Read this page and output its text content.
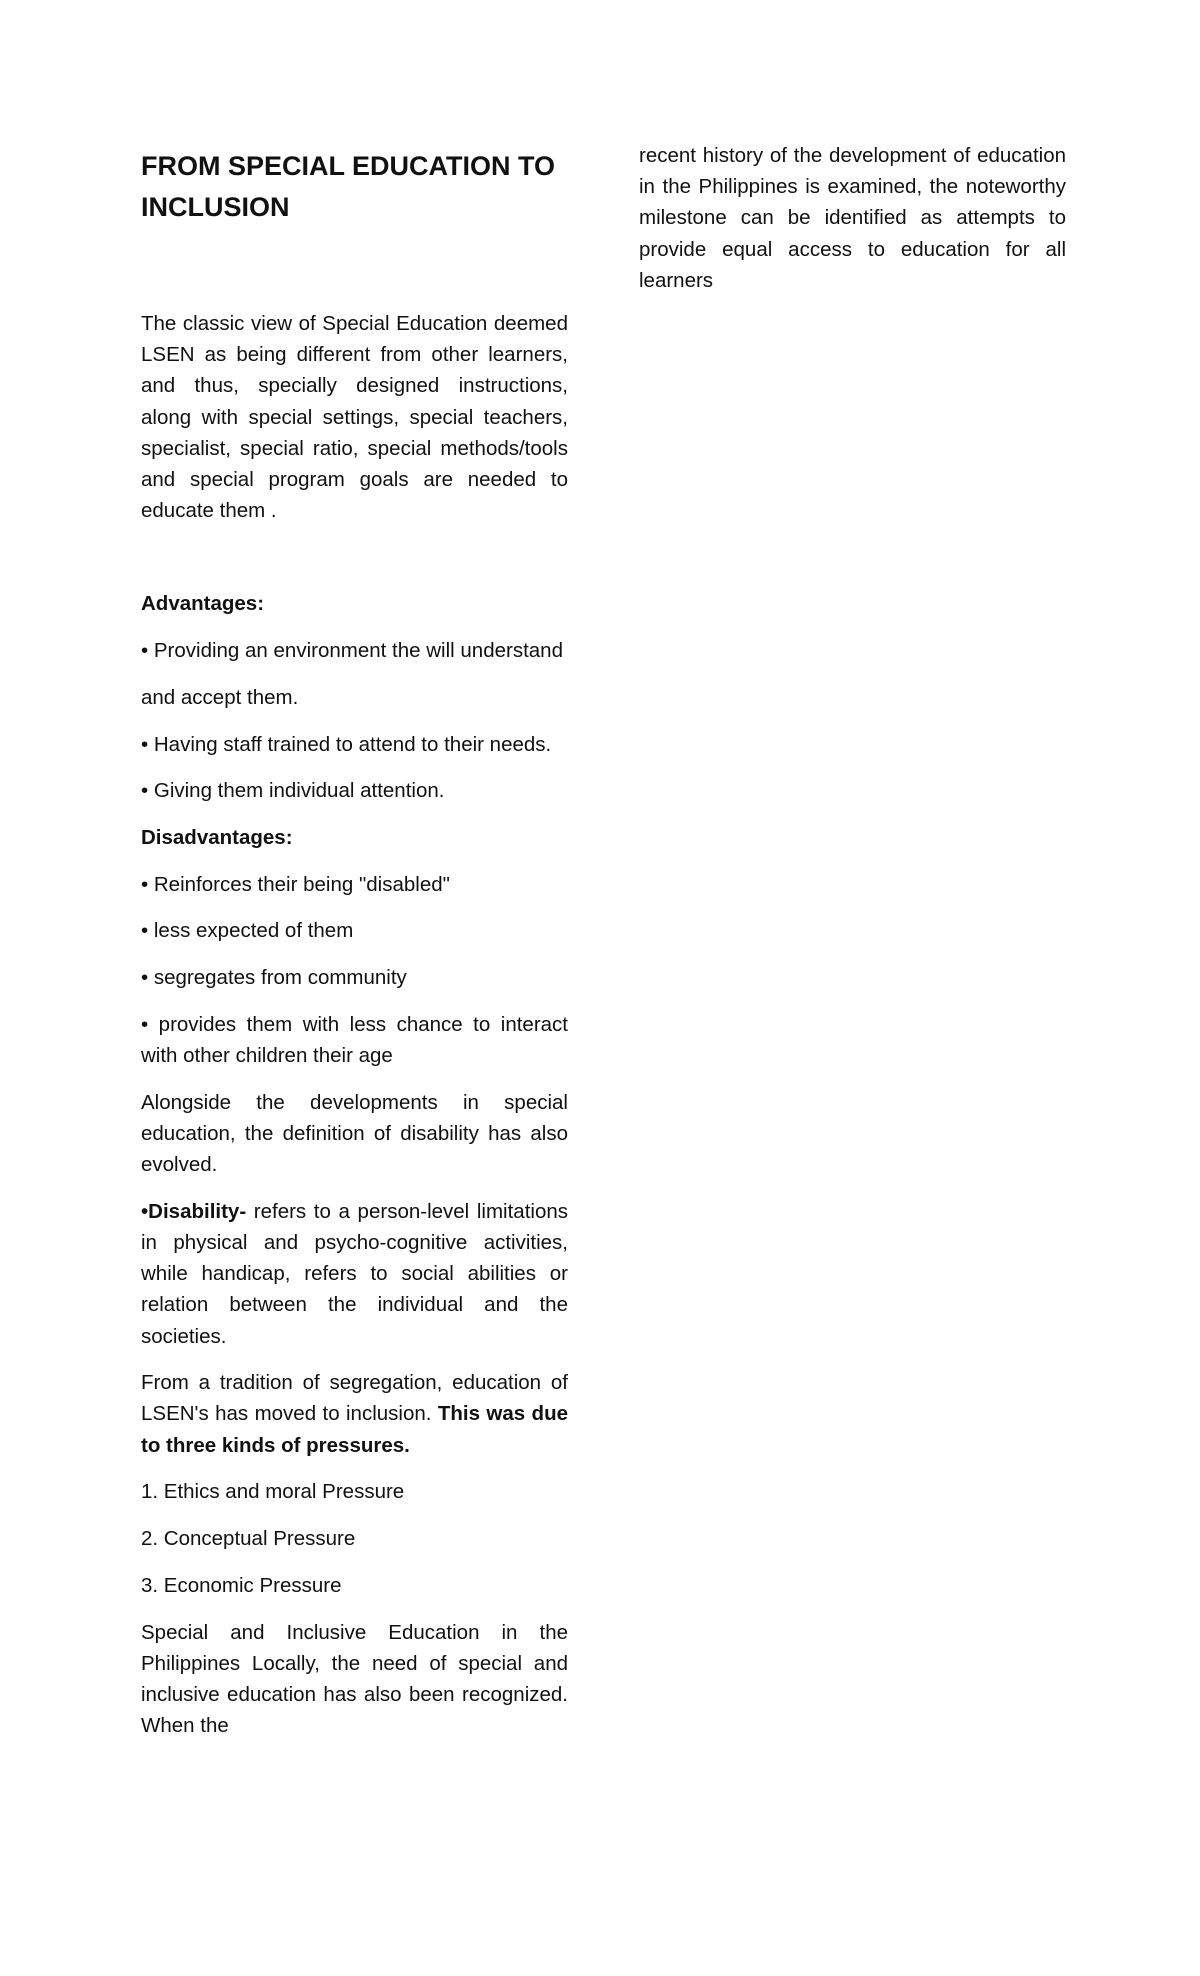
FROM SPECIAL EDUCATION TO INCLUSION

The classic view of Special Education deemed LSEN as being different from other learners, and thus, specially designed instructions, along with special settings, special teachers, specialist, special ratio, special methods/tools and special program goals are needed to educate them .

Advantages:

• Providing an environment the will understand

and accept them.

• Having staff trained to attend to their needs.

• Giving them individual attention.

Disadvantages:

• Reinforces their being "disabled"

• less expected of them

• segregates from community

• provides them with less chance to interact with other children their age

Alongside the developments in special education, the definition of disability has also evolved.

•Disability- refers to a person-level limitations in physical and psycho-cognitive activities, while handicap, refers to social abilities or relation between the individual and the societies.

From a tradition of segregation, education of LSEN's has moved to inclusion. This was due to three kinds of pressures.

1. Ethics and moral Pressure

2. Conceptual Pressure

3. Economic Pressure

Special and Inclusive Education in the Philippines Locally, the need of special and inclusive education has also been recognized. When the

recent history of the development of education in the Philippines is examined, the noteworthy milestone can be identified as attempts to provide equal access to education for all learners
